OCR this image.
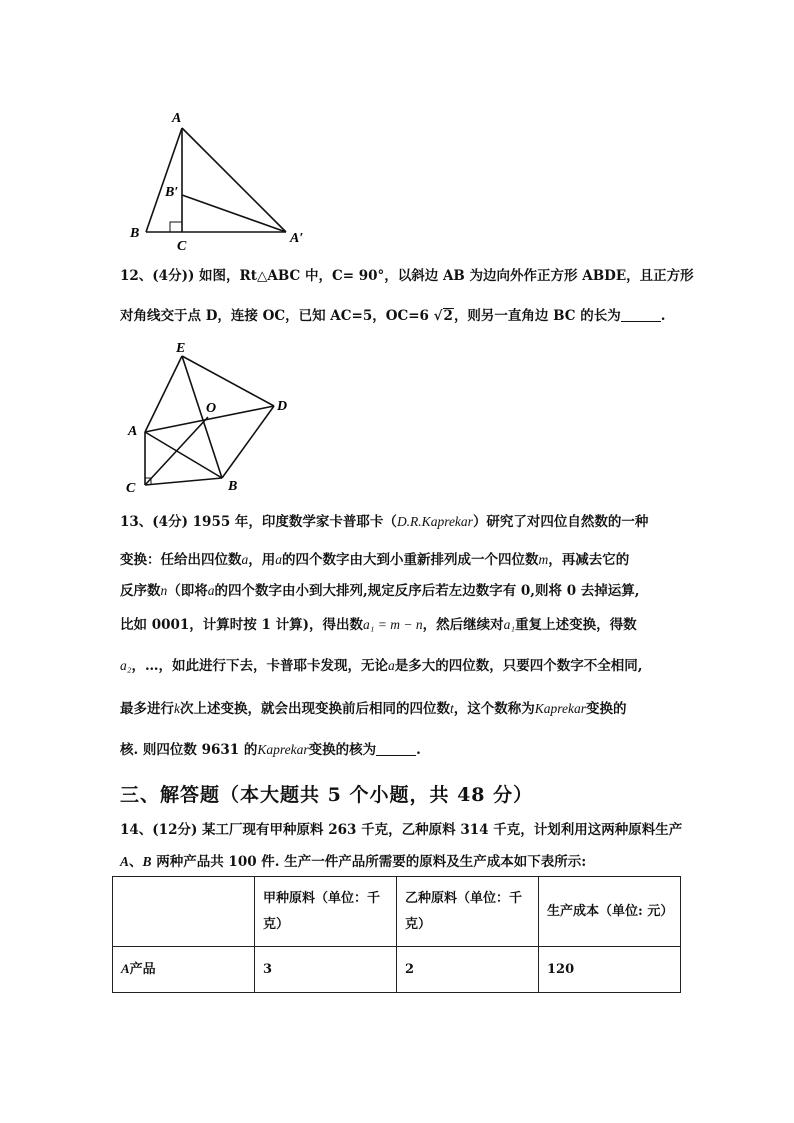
A
B′
B
C
A′
12、(4分)) 如图，Rt△ABC 中，C= 90°，以斜边 AB 为边向外作正方形 ABDE，且正方形
对角线交于点 D，连接 OC，已知 AC=5，OC=6 √2，则另一直角边 BC 的长为	.
E
O	D
A
C	B
13、(4分) 1955 年，印度数学家卡普耶卡（D.R.Kaprekar）研究了对四位自然数的一种
变换：任给出四位数a，用a的四个数字由大到小重新排列成一个四位数m，再减去它的
反序数n（即将a的四个数字由小到大排列,规定反序后若左边数字有 0,则将 0 去掉运算,
比如 0001，计算时按 1 计算)，得出数a₁ = m − n，然后继续对a₁重复上述变换，得数
a₂，…，如此进行下去，卡普耶卡发现，无论a是多大的四位数，只要四个数字不全相同,
最多进行k次上述变换，就会出现变换前后相同的四位数t，这个数称为Kaprekar变换的
核. 则四位数 9631 的Kaprekar变换的核为	.
三、解答题（本大题共 5 个小题，共 48 分）
14、(12分) 某工厂现有甲种原料 263 千克，乙种原料 314 千克，计划利用这两种原料生产
A、B 两种产品共 100 件. 生产一件产品所需要的原料及生产成本如下表所示:
	甲种原料（单位：千克）	乙种原料（单位：千克）	生产成本（单位: 元）
A产品	3	2	120
